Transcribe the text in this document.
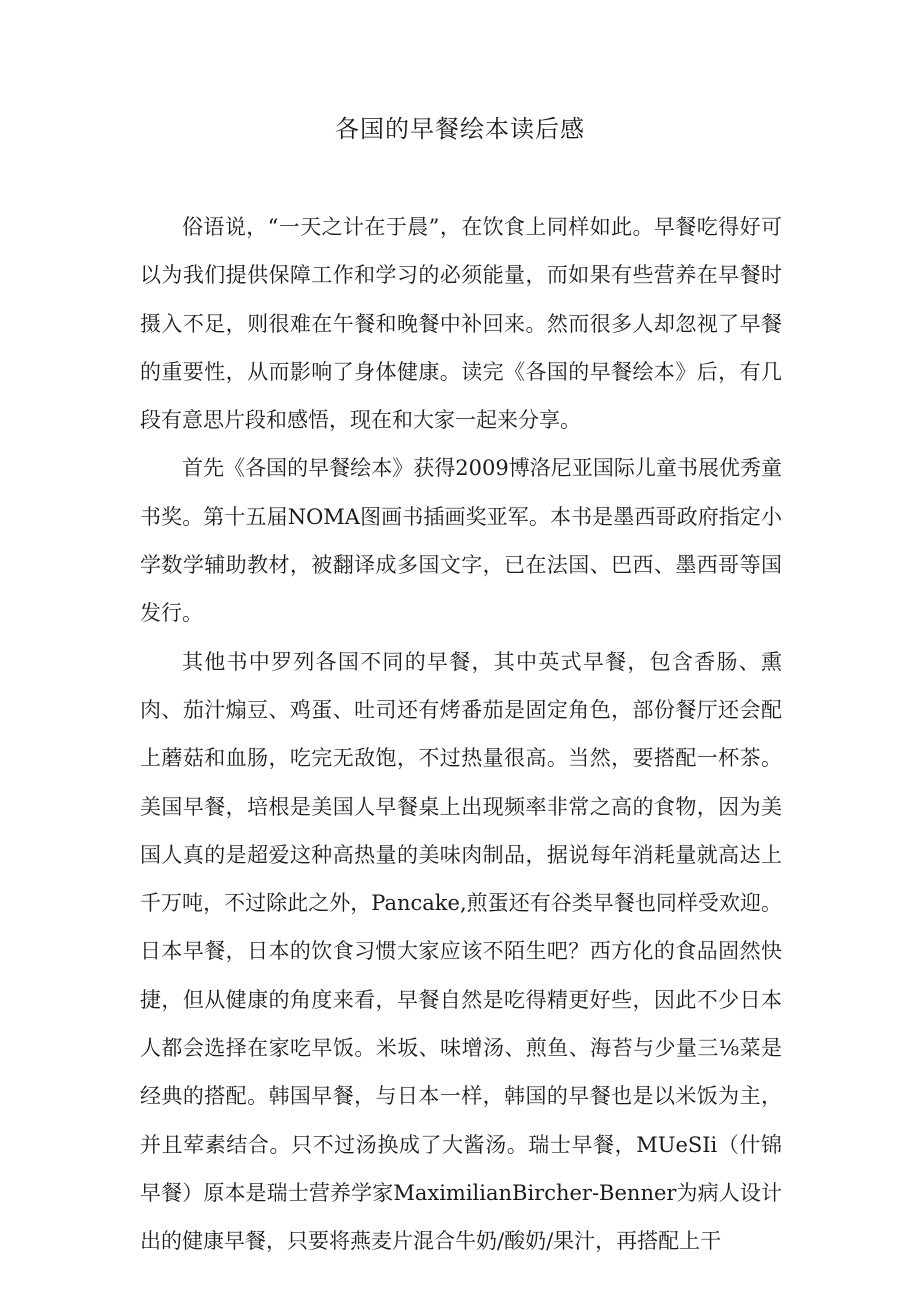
各国的早餐绘本读后感

俗语说，“一天之计在于晨”，在饮食上同样如此。早餐吃得好可以为我们提供保障工作和学习的必须能量，而如果有些营养在早餐时摄入不足，则很难在午餐和晚餐中补回来。然而很多人却忽视了早餐的重要性，从而影响了身体健康。读完《各国的早餐绘本》后，有几段有意思片段和感悟，现在和大家一起来分享。

首先《各国的早餐绘本》获得2009博洛尼亚国际儿童书展优秀童书奖。第十五届NOMA图画书插画奖亚军。本书是墨西哥政府指定小学数学辅助教材，被翻译成多国文字，已在法国、巴西、墨西哥等国发行。

其他书中罗列各国不同的早餐，其中英式早餐，包含香肠、熏肉、茄汁煽豆、鸡蛋、吐司还有烤番茄是固定角色，部份餐厅还会配上蘑菇和血肠，吃完无敌饱，不过热量很高。当然，要搭配一杯茶。美国早餐，培根是美国人早餐桌上出现频率非常之高的食物，因为美国人真的是超爱这种高热量的美味肉制品，据说每年消耗量就高达上千万吨，不过除此之外，Pancake,煎蛋还有谷类早餐也同样受欢迎。日本早餐，日本的饮食习惯大家应该不陌生吧？西方化的食品固然快捷，但从健康的角度来看，早餐自然是吃得精更好些，因此不少日本人都会选择在家吃早饭。米坂、味增汤、煎鱼、海苔与少量三⅛菜是经典的搭配。韩国早餐，与日本一样，韩国的早餐也是以米饭为主，并且荤素结合。只不过汤换成了大酱汤。瑞士早餐，MUeSIi（什锦早餐）原本是瑞士营养学家MaximilianBircher-Benner为病人设计出的健康早餐，只要将燕麦片混合牛奶/酸奶/果汁，再搭配上干
